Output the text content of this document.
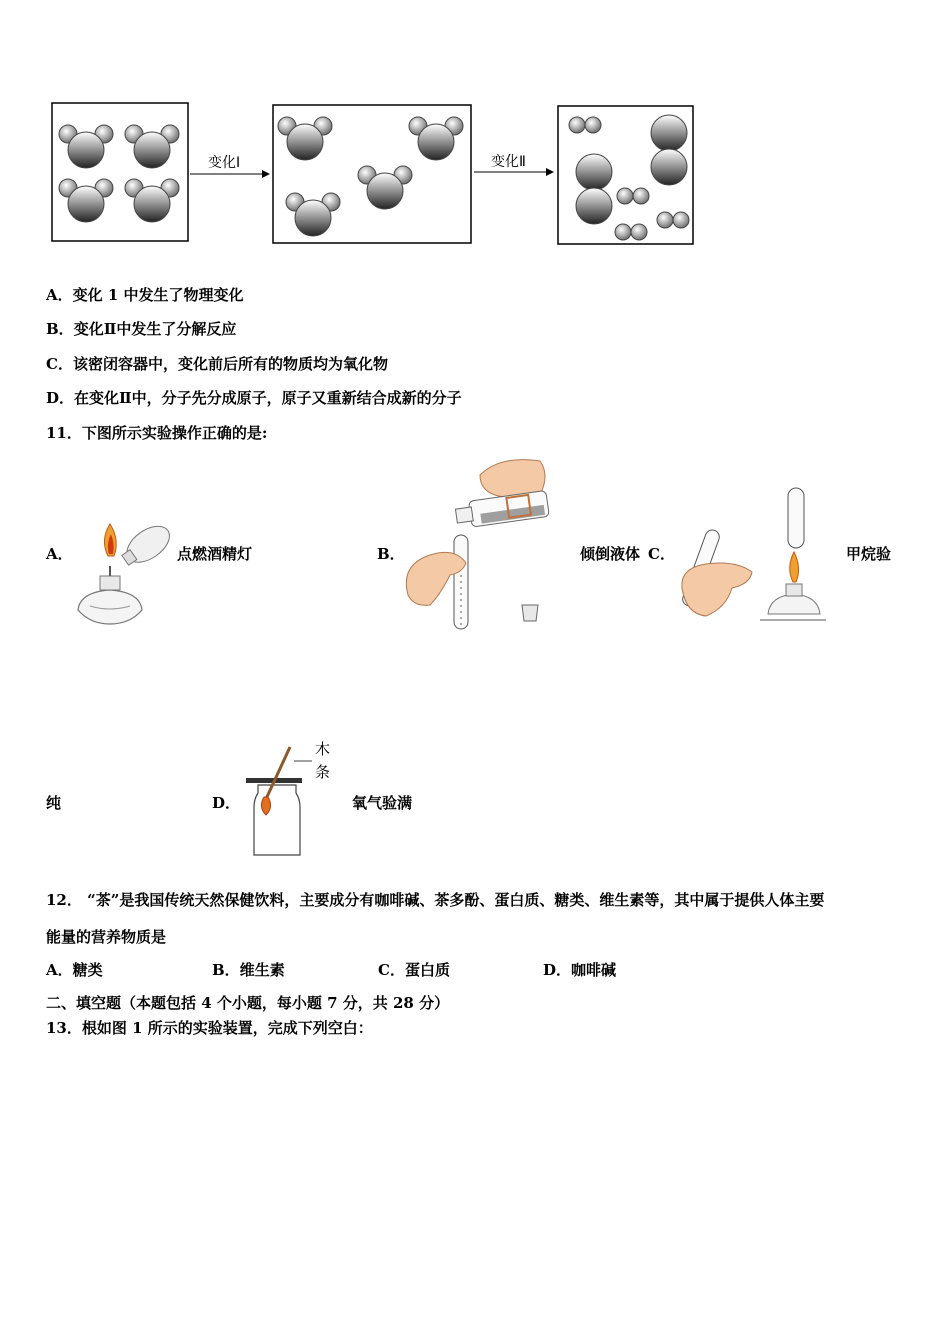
变化Ⅰ	变化Ⅱ
A．变化 1 中发生了物理变化
B．变化Ⅱ中发生了分解反应
C．该密闭容器中，变化前后所有的物质均为氧化物
D．在变化Ⅱ中，分子先分成原子，原子又重新结合成新的分子
11．下图所示实验操作正确的是:
A．	点燃酒精灯	B．	倾倒液体 C．	甲烷验
纯	D．
木
条
氧气验满
12． “茶”是我国传统天然保健饮料，主要成分有咖啡碱、茶多酚、蛋白质、糖类、维生素等，其中属于提供人体主要
能量的营养物质是
A．糖类	B．维生素	C．蛋白质	D．咖啡碱
二、填空题（本题包括 4 个小题，每小题 7 分，共 28 分）
13．根如图 1 所示的实验装置，完成下列空白：
